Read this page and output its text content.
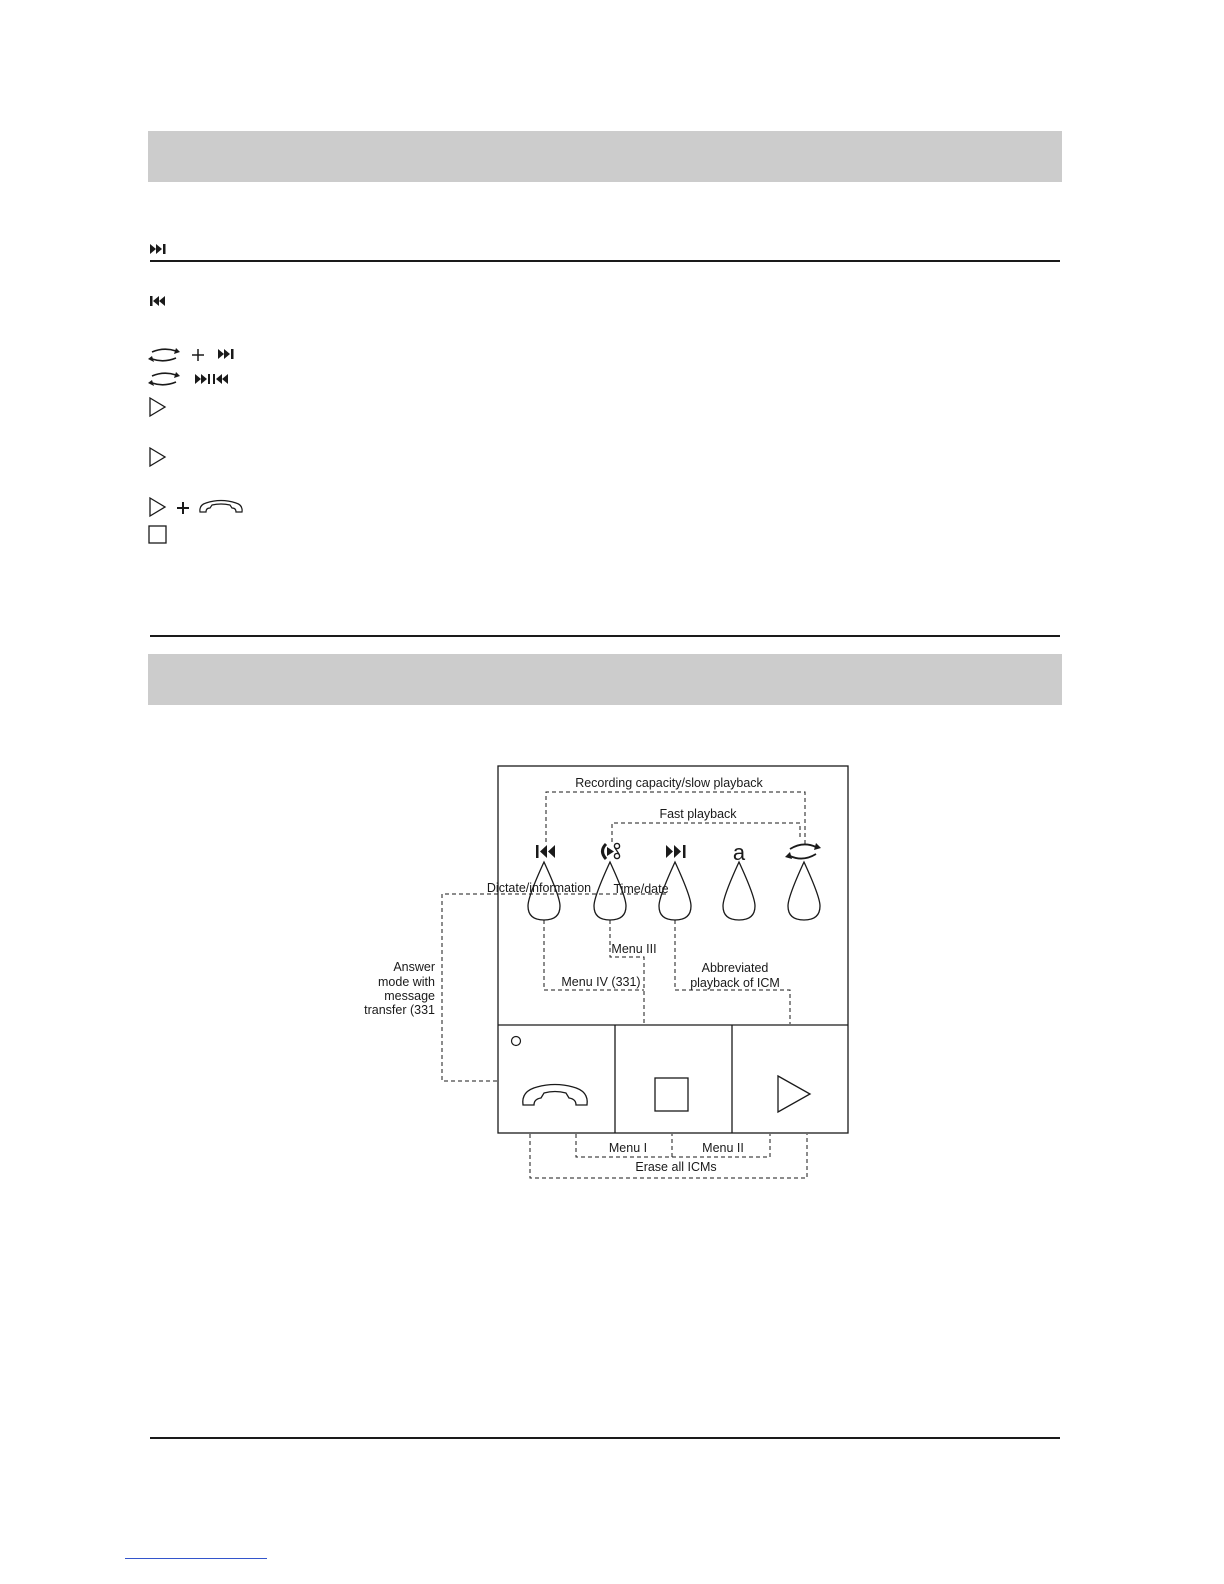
a
Recording capacity/slow playback
Fast playback
Dictate/information Time/date
Menu III
Menu IV (331)
Abbreviated
playback of ICM
Answer
mode with
message
transfer (331
Menu I	Menu II
Erase all ICMs
